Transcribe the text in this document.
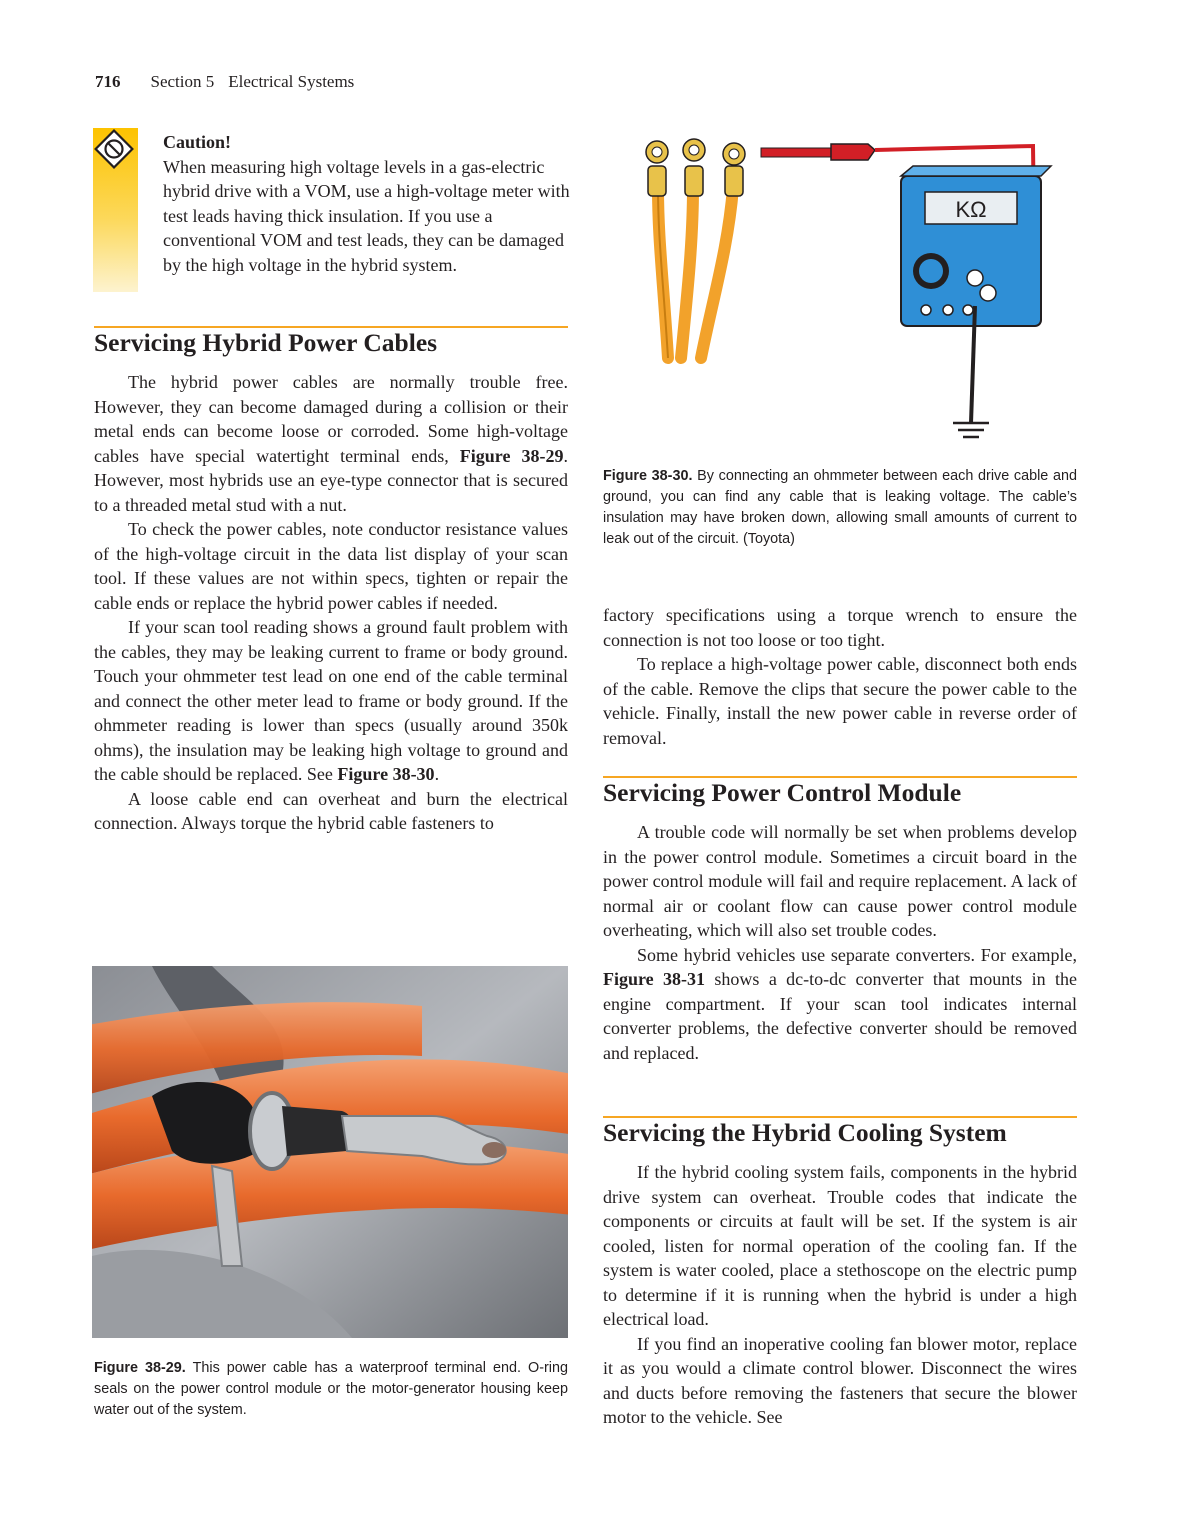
716 Section 5 Electrical Systems
Caution!
When measuring high voltage levels in a gas-electric hybrid drive with a VOM, use a high-voltage meter with test leads having thick insulation. If you use a conventional VOM and test leads, they can be damaged by the high voltage in the hybrid system.
Servicing Hybrid Power Cables

The hybrid power cables are normally trouble free. However, they can become damaged during a collision or their metal ends can become loose or corroded. Some high-voltage cables have special watertight terminal ends, Figure 38-29. However, most hybrids use an eye-type connector that is secured to a threaded metal stud with a nut.

To check the power cables, note conductor resistance values of the high-voltage circuit in the data list display of your scan tool. If these values are not within specs, tighten or repair the cable ends or replace the hybrid power cables if needed.

If your scan tool reading shows a ground fault problem with the cables, they may be leaking current to frame or body ground. Touch your ohmmeter test lead on one end of the cable terminal and connect the other meter lead to frame or body ground. If the ohmmeter reading is lower than specs (usually around 350k ohms), the insulation may be leaking high voltage to ground and the cable should be replaced. See Figure 38-30.

A loose cable end can overheat and burn the electrical connection. Always torque the hybrid cable fasteners to

Figure 38-29. This power cable has a waterproof terminal end. O-ring seals on the power control module or the motor-generator housing keep water out of the system.
KΩ
Figure 38-30. By connecting an ohmmeter between each drive cable and ground, you can find any cable that is leaking voltage. The cable’s insulation may have broken down, allowing small amounts of current to leak out of the circuit. (Toyota)

factory specifications using a torque wrench to ensure the connection is not too loose or too tight.

To replace a high-voltage power cable, disconnect both ends of the cable. Remove the clips that secure the power cable to the vehicle. Finally, install the new power cable in reverse order of removal.

Servicing Power Control Module

A trouble code will normally be set when problems develop in the power control module. Sometimes a circuit board in the power control module will fail and require replacement. A lack of normal air or coolant flow can cause power control module overheating, which will also set trouble codes.

Some hybrid vehicles use separate converters. For example, Figure 38-31 shows a dc-to-dc converter that mounts in the engine compartment. If your scan tool indicates internal converter problems, the defective converter should be removed and replaced.

Servicing the Hybrid Cooling System

If the hybrid cooling system fails, components in the hybrid drive system can overheat. Trouble codes that indicate the components or circuits at fault will be set. If the system is air cooled, listen for normal operation of the cooling fan. If the system is water cooled, place a stethoscope on the electric pump to determine if it is running when the hybrid is under a high electrical load.

If you find an inoperative cooling fan blower motor, replace it as you would a climate control blower. Disconnect the wires and ducts before removing the fasteners that secure the blower motor to the vehicle. See
